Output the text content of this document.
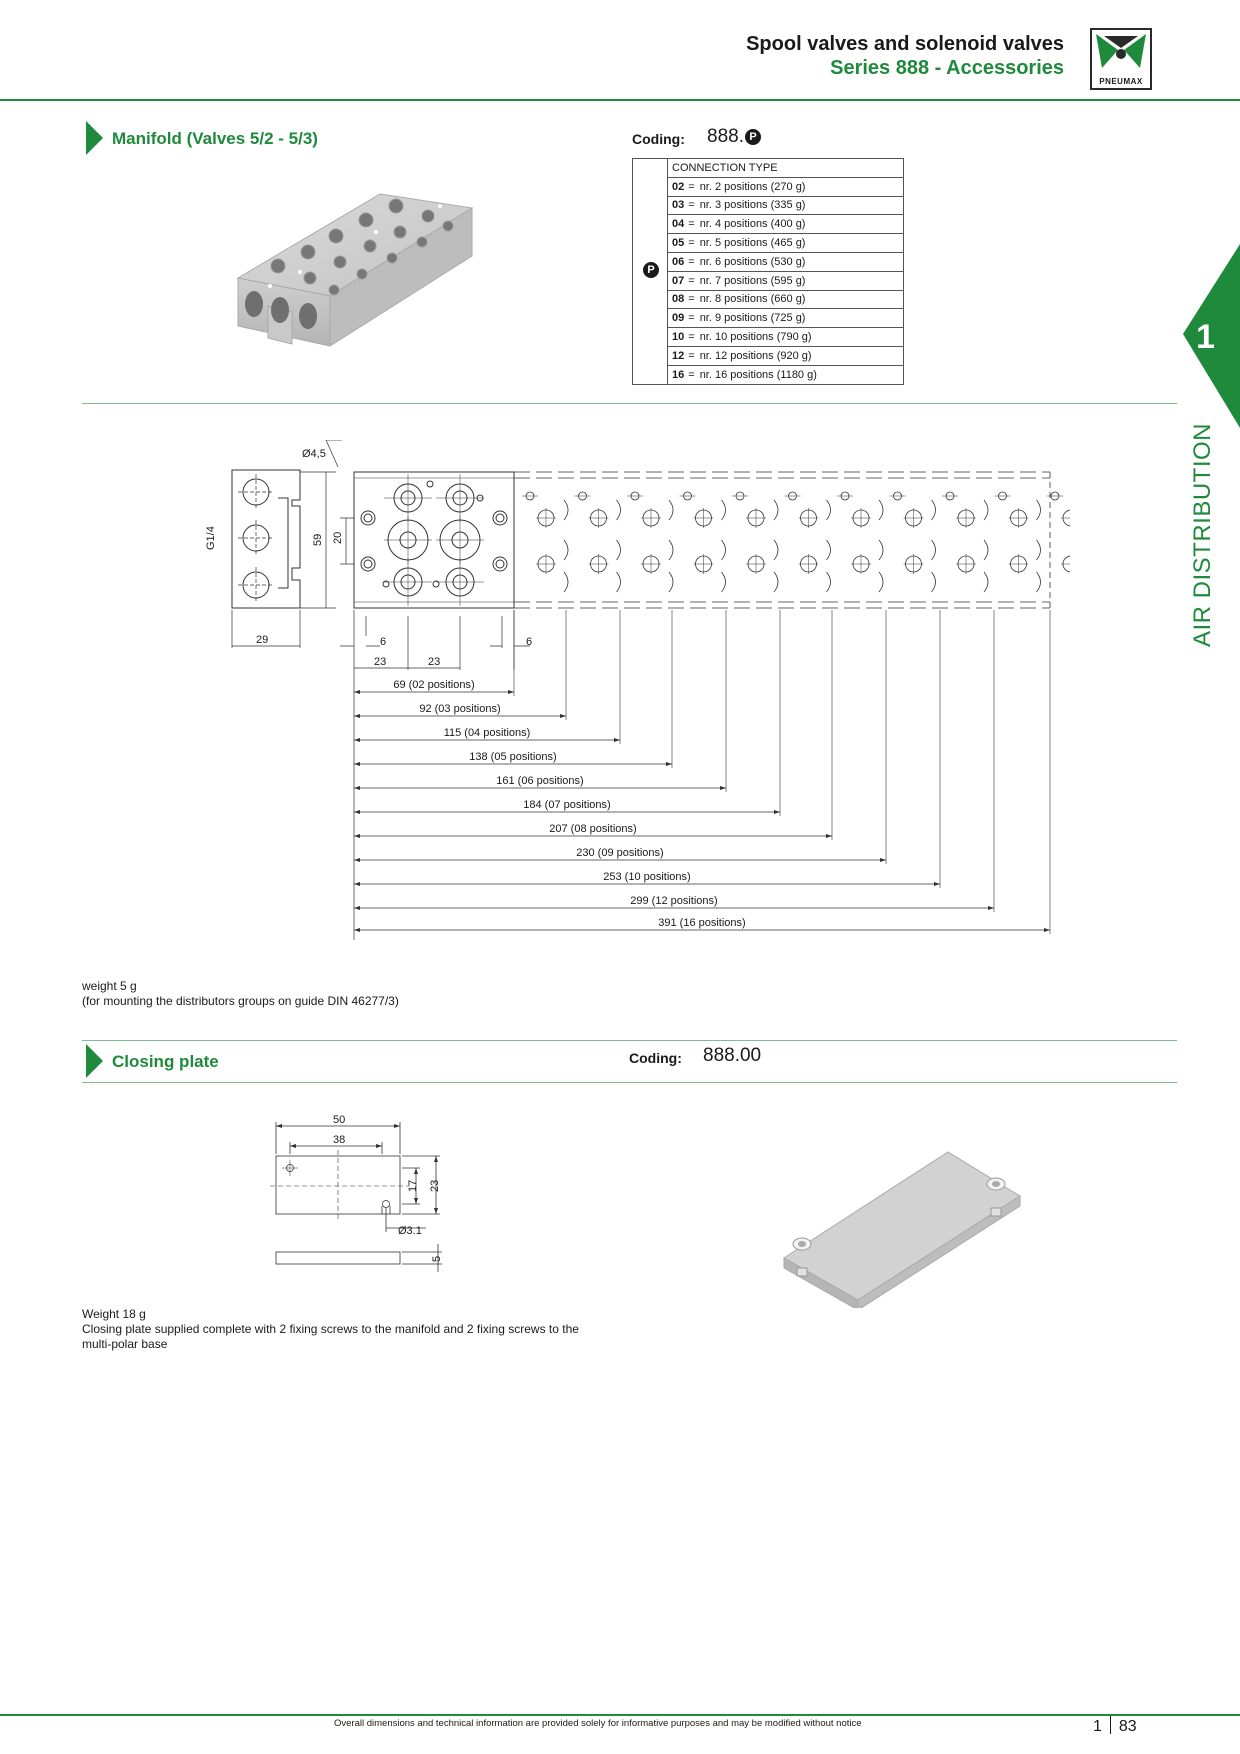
Spool valves and solenoid valves
Series 888 - Accessories
PNEUMAX
1
AIR DISTRIBUTION
Manifold (Valves 5/2 - 5/3)	Coding: 888. P
	CONNECTION TYPE
02 = nr. 2 positions (270 g)
03 = nr. 3 positions (335 g)
04 = nr. 4 positions (400 g)
05 = nr. 5 positions (465 g)
06 = nr. 6 positions (530 g)
07 = nr. 7 positions (595 g)
08 = nr. 8 positions (660 g)
09 = nr. 9 positions (725 g)
10 = nr. 10 positions (790 g)
12 = nr. 12 positions (920 g)
16 = nr. 16 positions (1180 g)
P
Ø4,5
G1/4	59 20
29	6	6
23	23
69 (02 positions)
92 (03 positions)
115 (04 positions)
138 (05 positions)
161 (06 positions)
184 (07 positions)
207 (08 positions)
230 (09 positions)
253 (10 positions)
299 (12 positions)
391 (16 positions)
weight 5 g
(for mounting the distributors groups on guide DIN 46277/3)
Closing plate	Coding: 888.00
50
38
17 23
Ø3.1
5
Weight 18 g
Closing plate supplied complete with 2 fixing screws to the manifold and 2 fixing screws to the
multi-polar base
Overall dimensions and technical information are provided solely for informative purposes and may be modified without notice	1 83
